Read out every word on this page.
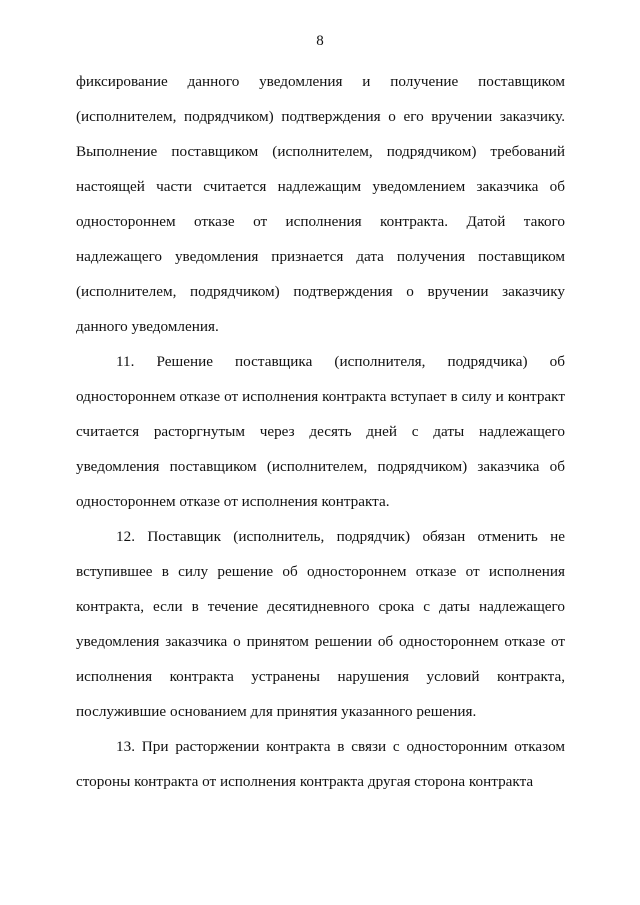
8

фиксирование данного уведомления и получение поставщиком (исполнителем, подрядчиком) подтверждения о его вручении заказчику. Выполнение поставщиком (исполнителем, подрядчиком) требований настоящей части считается надлежащим уведомлением заказчика об одностороннем отказе от исполнения контракта. Датой такого надлежащего уведомления признается дата получения поставщиком (исполнителем, подрядчиком) подтверждения о вручении заказчику данного уведомления.

11. Решение поставщика (исполнителя, подрядчика) об одностороннем отказе от исполнения контракта вступает в силу и контракт считается расторгнутым через десять дней с даты надлежащего уведомления поставщиком (исполнителем, подрядчиком) заказчика об одностороннем отказе от исполнения контракта.

12. Поставщик (исполнитель, подрядчик) обязан отменить не вступившее в силу решение об одностороннем отказе от исполнения контракта, если в течение десятидневного срока с даты надлежащего уведомления заказчика о принятом решении об одностороннем отказе от исполнения контракта устранены нарушения условий контракта, послужившие основанием для принятия указанного решения.

13. При расторжении контракта в связи с односторонним отказом стороны контракта от исполнения контракта другая сторона контракта
